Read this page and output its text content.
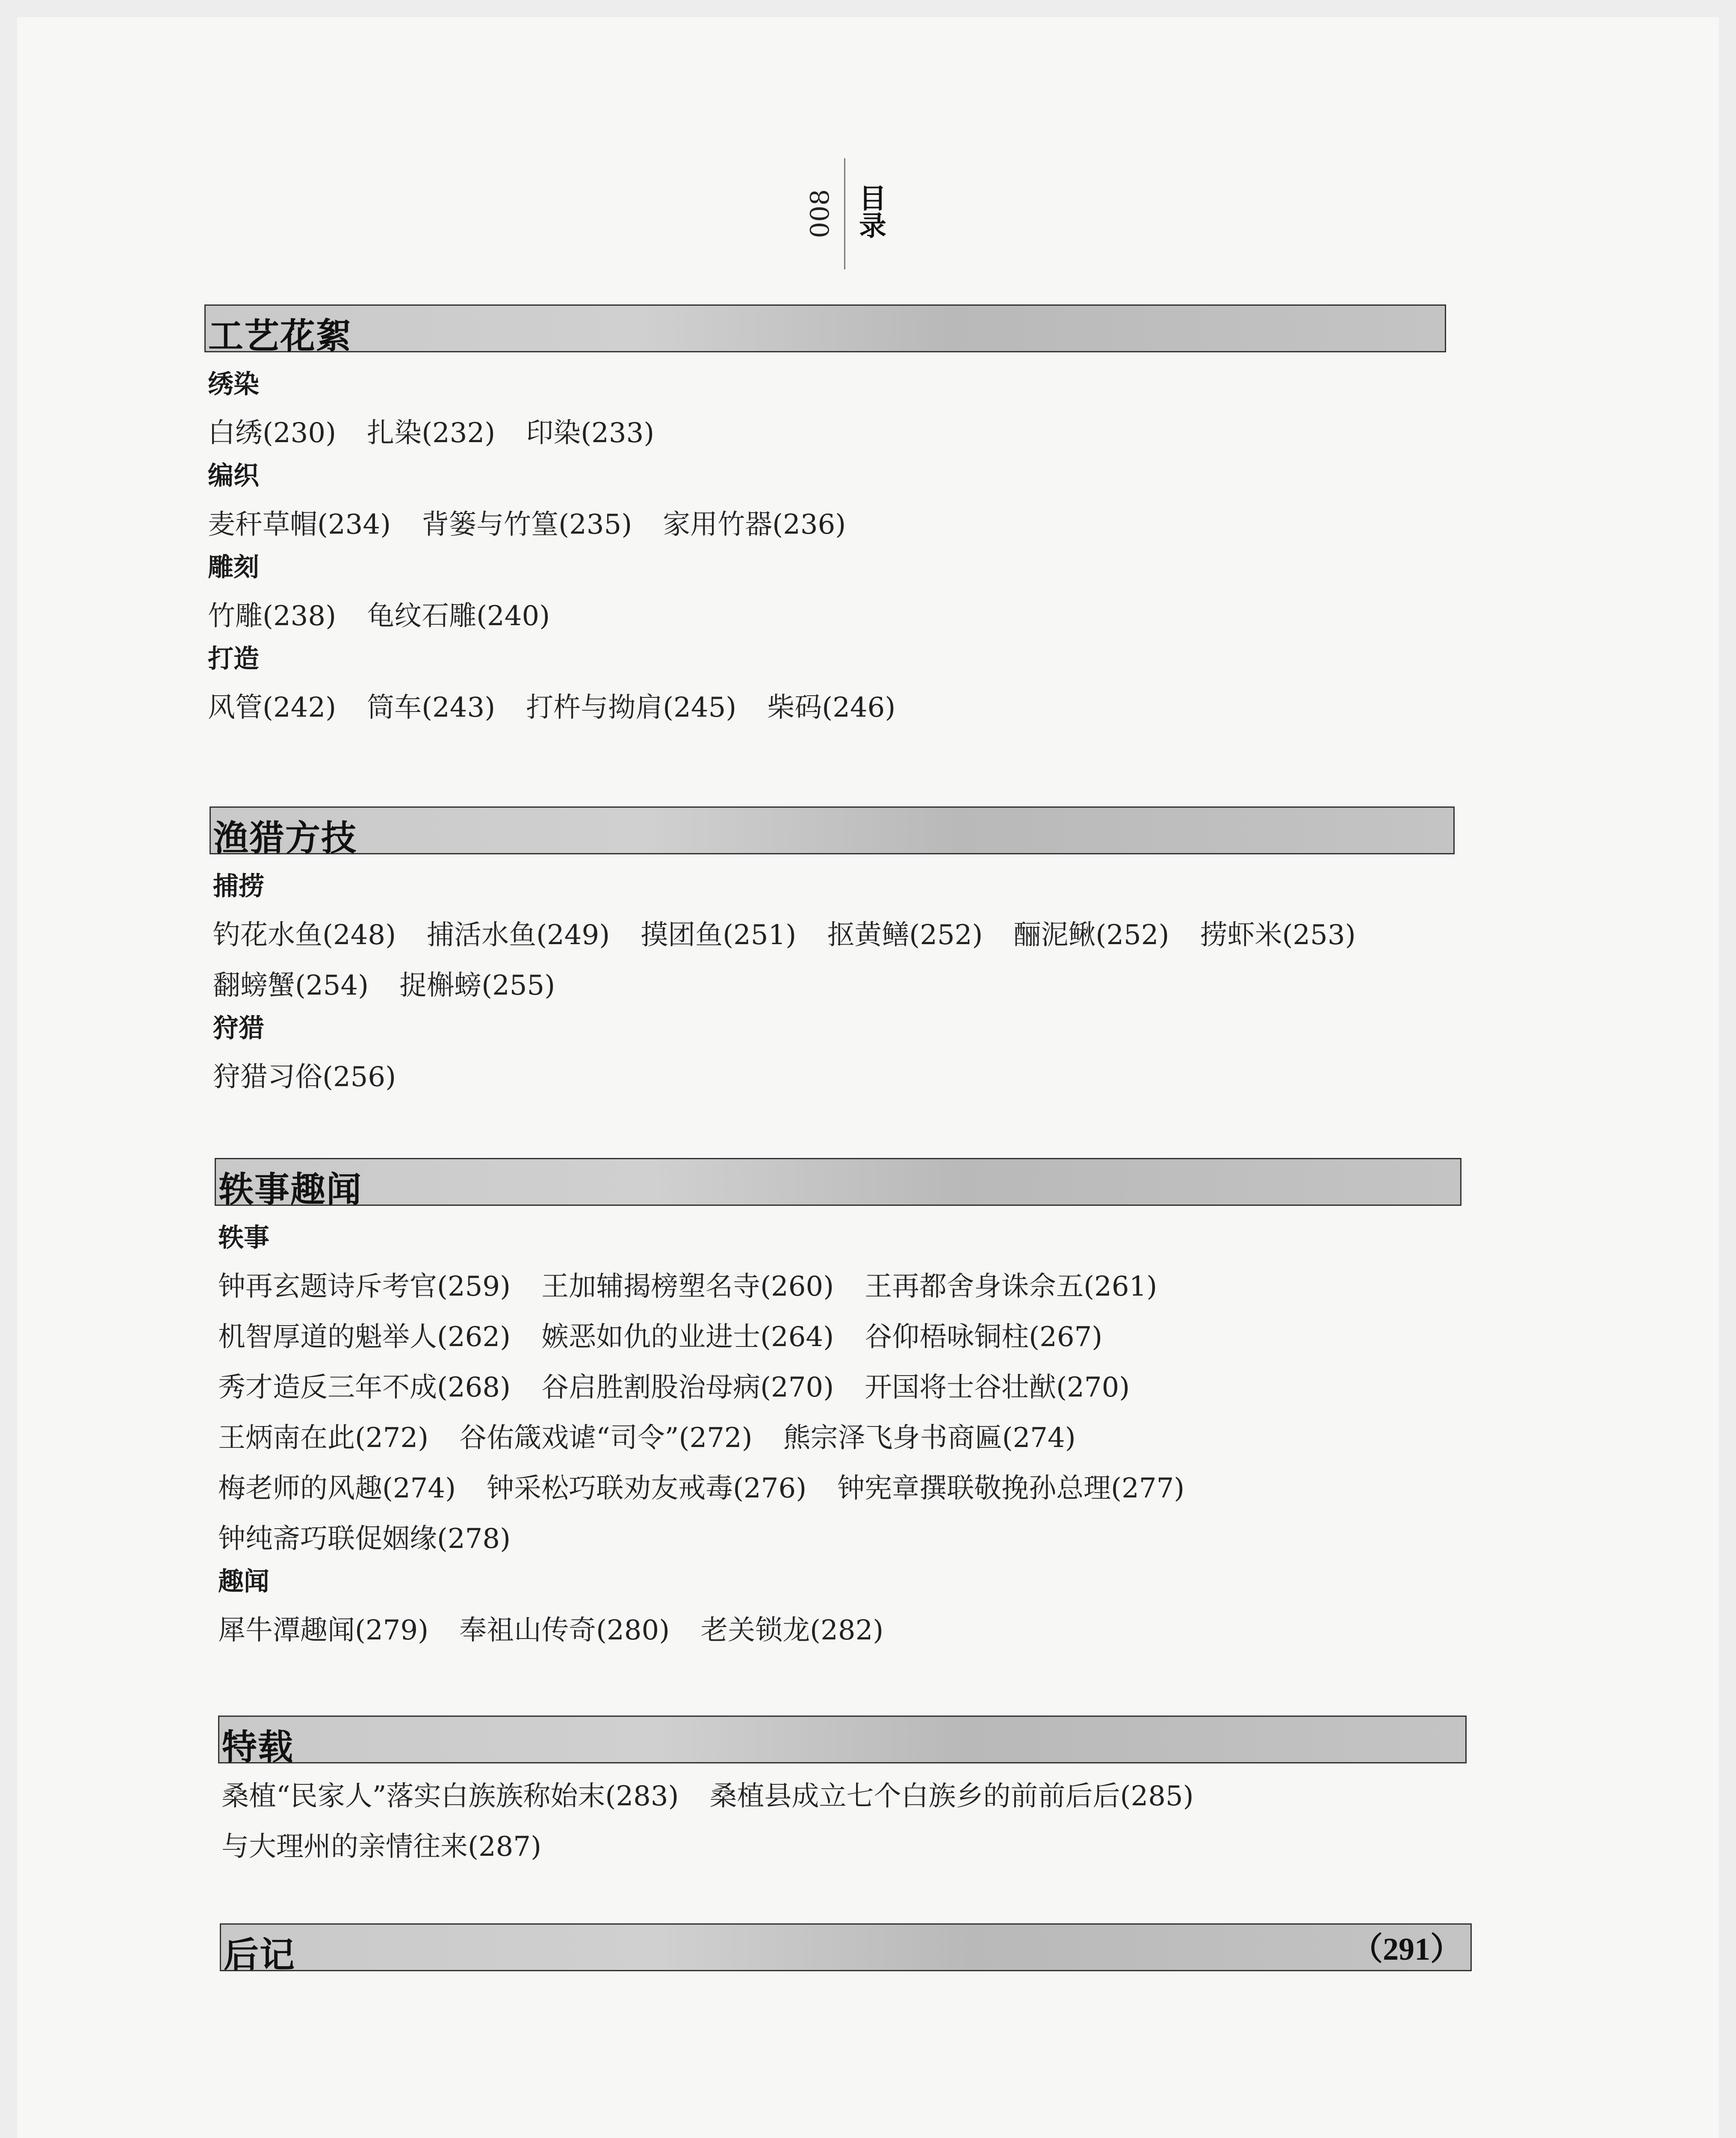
008 目录
工艺花絮
绣染
白绣(230) 扎染(232) 印染(233)
编织
麦秆草帽(234) 背篓与竹篁(235) 家用竹器(236)
雕刻
竹雕(238) 龟纹石雕(240)
打造
风管(242) 筒车(243) 打杵与拗肩(245) 柴码(246)
渔猎方技
捕捞
钓花水鱼(248) 捕活水鱼(249) 摸团鱼(251) 抠黄鳝(252) 酾泥鳅(252) 捞虾米(253)
翻螃蟹(254) 捉槲螃(255)
狩猎
狩猎习俗(256)
轶事趣闻
轶事
钟再玄题诗斥考官(259) 王加辅揭榜塑名寺(260) 王再都舍身诛佘五(261)
机智厚道的魁举人(262) 嫉恶如仇的业进士(264) 谷仰梧咏铜柱(267)
秀才造反三年不成(268) 谷启胜割股治母病(270) 开国将士谷壮猷(270)
王炳南在此(272) 谷佑箴戏谑“司令”(272) 熊宗泽飞身书商匾(274)
梅老师的风趣(274) 钟采松巧联劝友戒毒(276) 钟宪章撰联敬挽孙总理(277)
钟纯斋巧联促姻缘(278)
趣闻
犀牛潭趣闻(279) 奉祖山传奇(280) 老关锁龙(282)
特载
桑植“民家人”落实白族族称始末(283) 桑植县成立七个白族乡的前前后后(285)
与大理州的亲情往来(287)
后记	（291）
